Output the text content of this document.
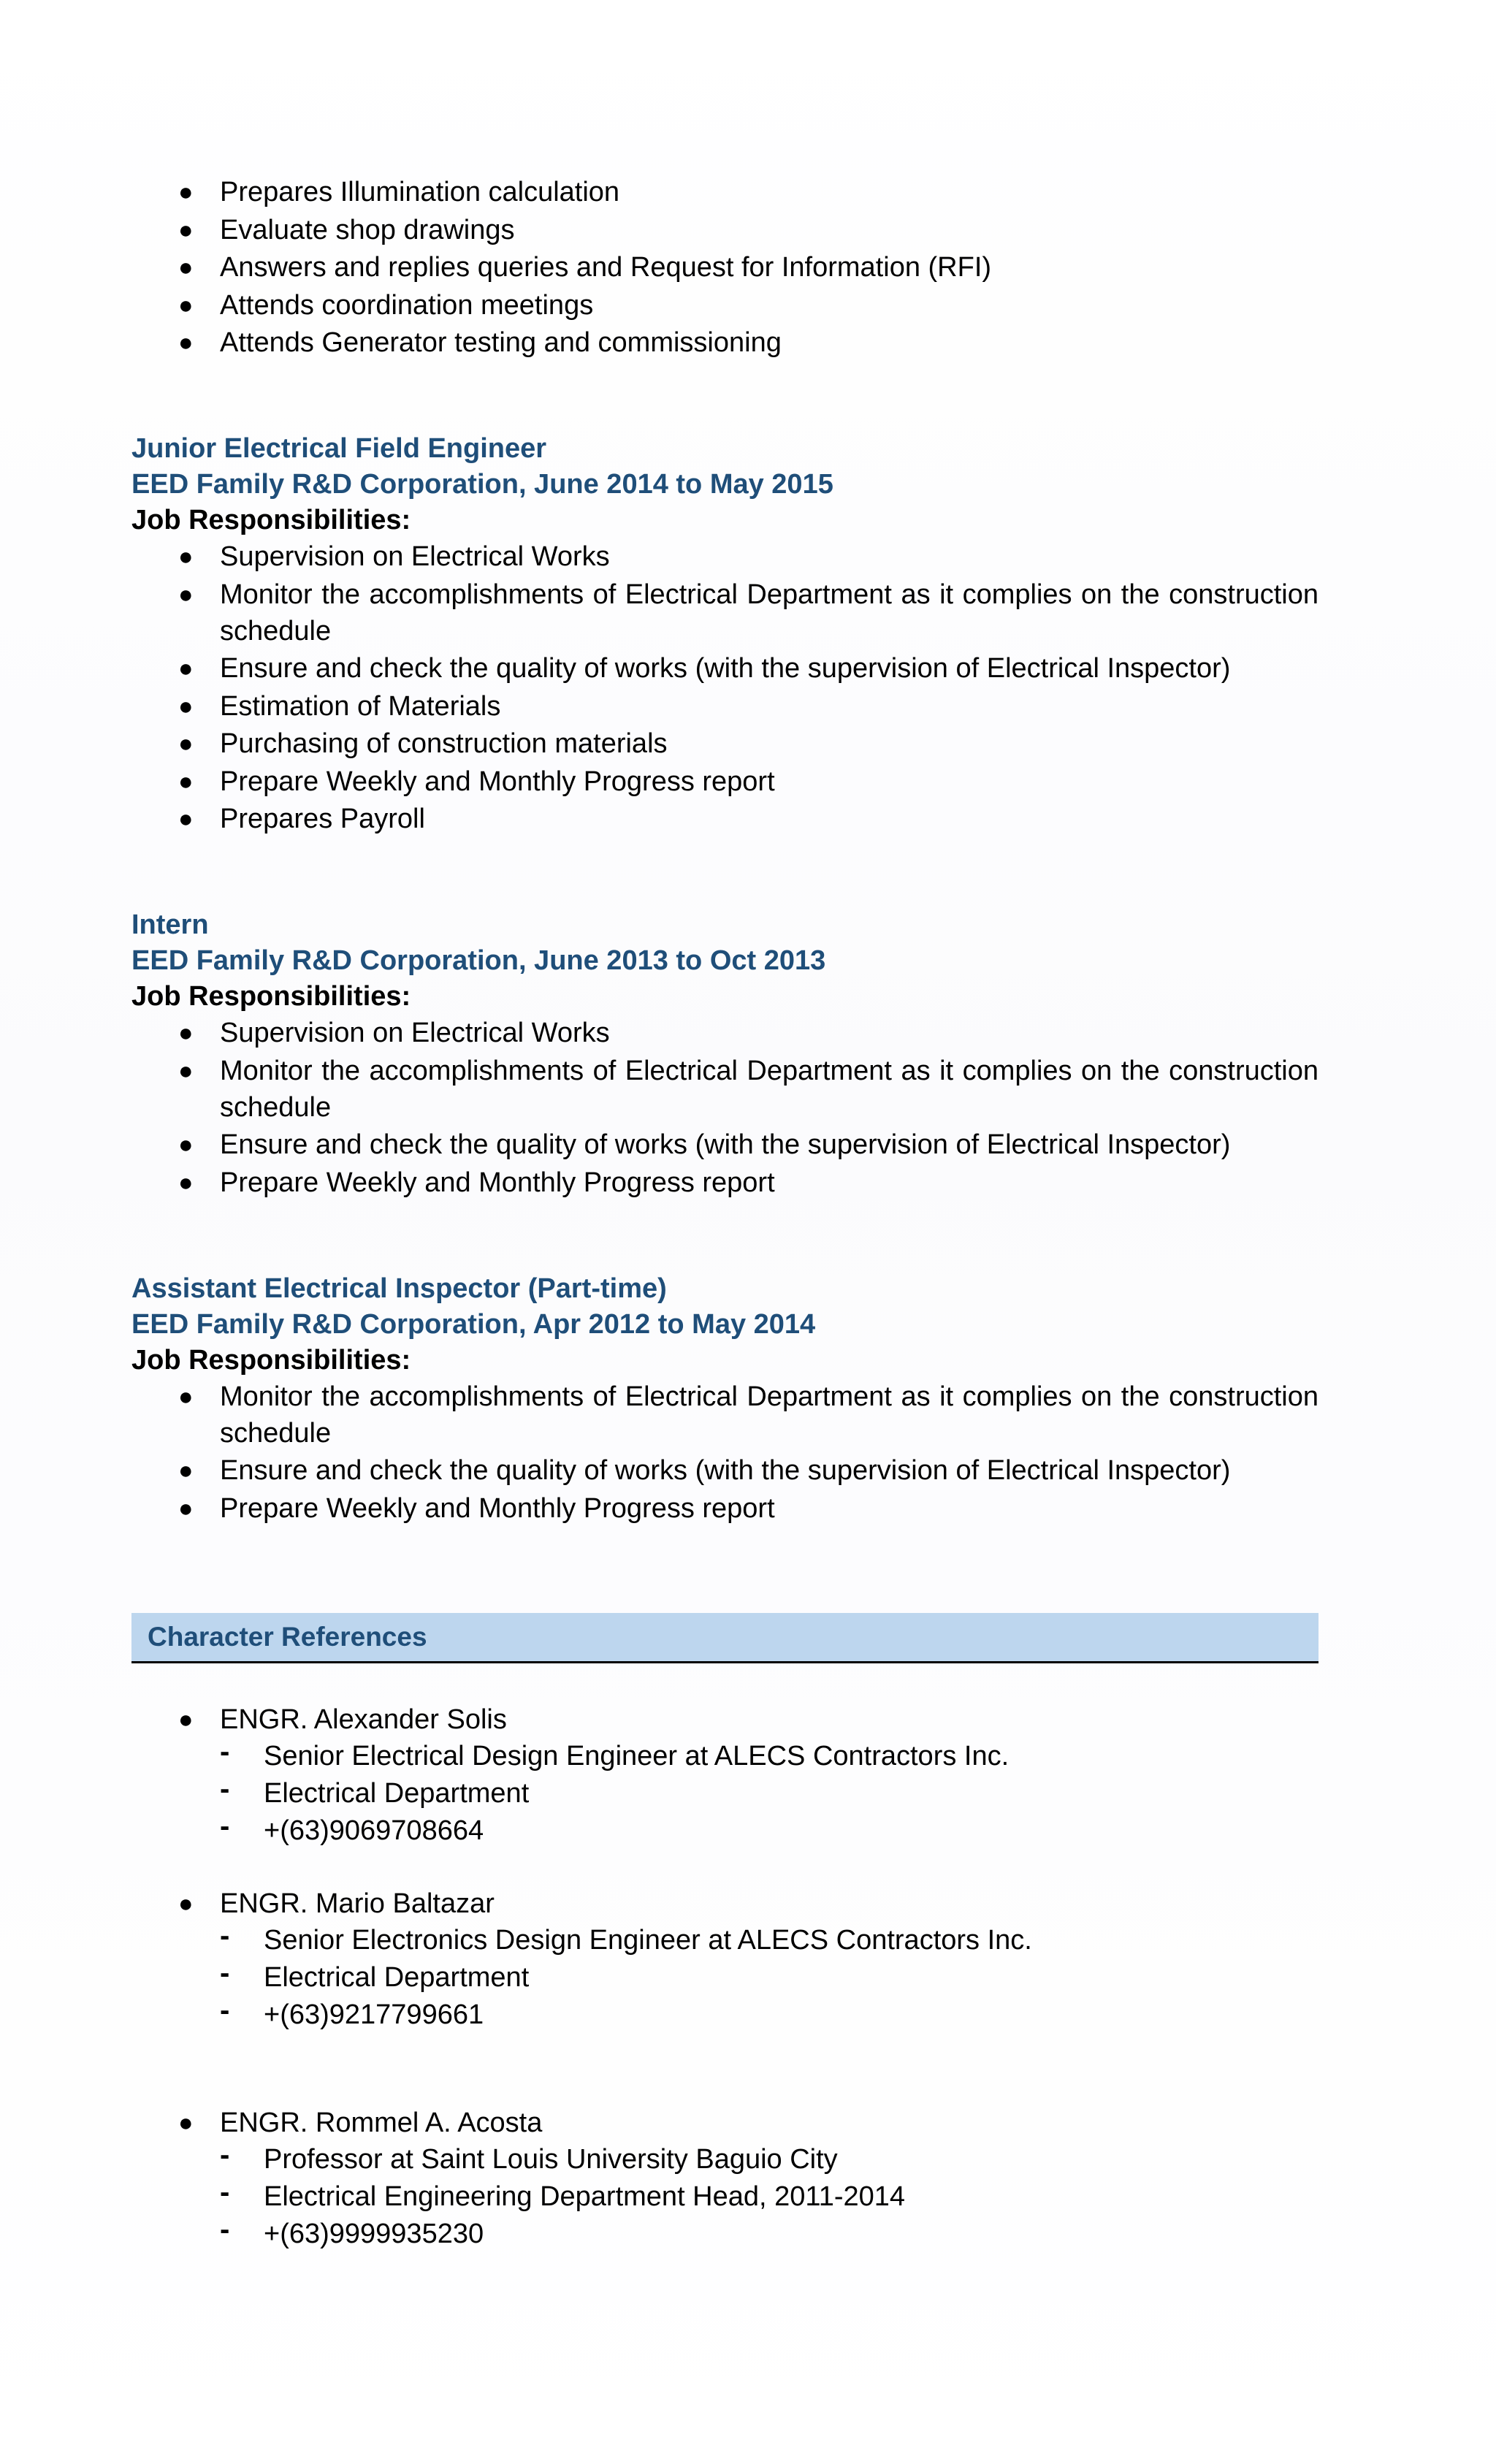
● Prepares Illumination calculation
● Evaluate shop drawings
● Answers and replies queries and Request for Information (RFI)
● Attends coordination meetings
● Attends Generator testing and commissioning
Junior Electrical Field Engineer
EED Family R&D Corporation, June 2014 to May 2015
Job Responsibilities:
● Supervision on Electrical Works
● Monitor the accomplishments of Electrical Department as it complies on the construction schedule
● Ensure and check the quality of works (with the supervision of Electrical Inspector)
● Estimation of Materials
● Purchasing of construction materials
● Prepare Weekly and Monthly Progress report
● Prepares Payroll
Intern
EED Family R&D Corporation, June 2013 to Oct 2013
Job Responsibilities:
● Supervision on Electrical Works
● Monitor the accomplishments of Electrical Department as it complies on the construction schedule
● Ensure and check the quality of works (with the supervision of Electrical Inspector)
● Prepare Weekly and Monthly Progress report
Assistant Electrical Inspector (Part-time)
EED Family R&D Corporation, Apr 2012 to May 2014
Job Responsibilities:
● Monitor the accomplishments of Electrical Department as it complies on the construction schedule
● Ensure and check the quality of works (with the supervision of Electrical Inspector)
● Prepare Weekly and Monthly Progress report
Character References
● ENGR. Alexander Solis
- Senior Electrical Design Engineer at ALECS Contractors Inc.
- Electrical Department
- +(63)9069708664
● ENGR. Mario Baltazar
- Senior Electronics Design Engineer at ALECS Contractors Inc.
- Electrical Department
- +(63)9217799661
● ENGR. Rommel A. Acosta
- Professor at Saint Louis University Baguio City
- Electrical Engineering Department Head, 2011-2014
- +(63)9999935230
